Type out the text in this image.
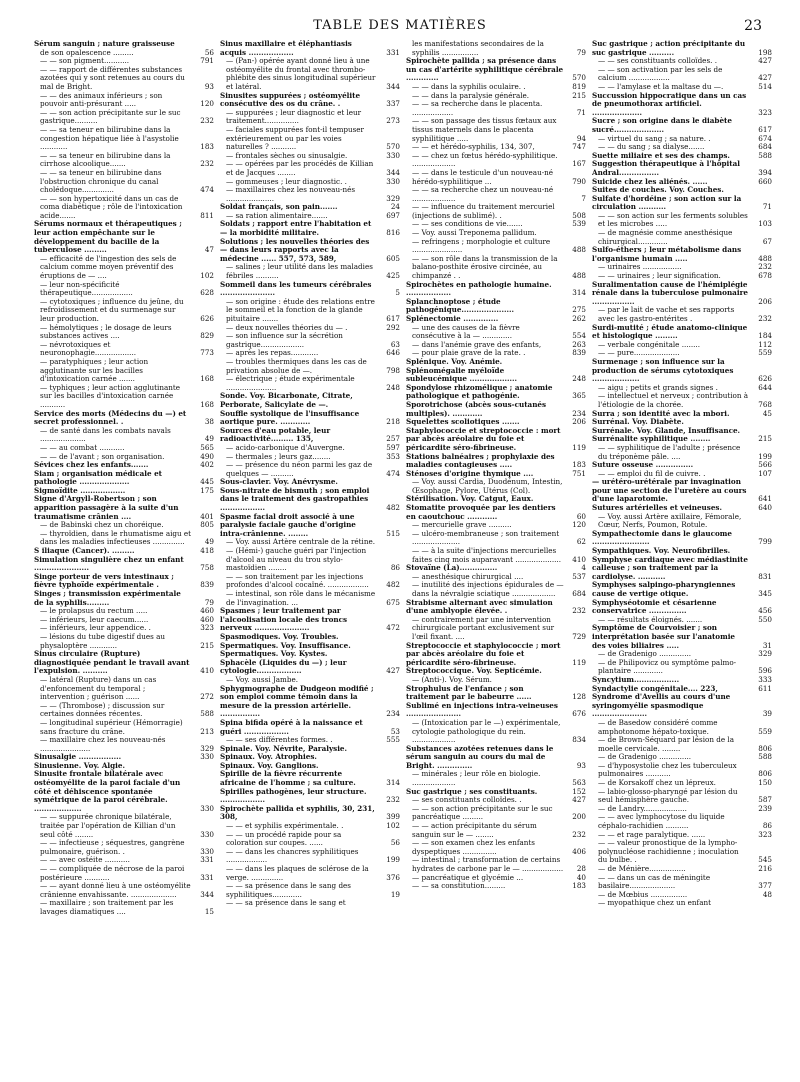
TABLE DES MATIÈRES	23
Sérum sanguin ; nature graisseuse
de son opalescence .........	56
— — son pigment...........	791
— — rapport de différentes substances azotées qui y sont retenues au cours du mal de Bright.	93
— — des animaux inférieurs ; son pouvoir anti-présurant .....	120
— — son action précipitante sur le suc gastrique..........	232
— — sa teneur en bilirubine dans la congestion hépatique liée à l'asystolie ............	183
— — sa teneur en bilirubine dans la cirrhose alcoolique.......	232
— — sa teneur en bilirubine dans l'obstruction chronique du canal cholédoque..............	474
— — son hypertoxicité dans un cas de coma diabétique ; rôle de l'intoxication acide.......	811
Sérums normaux et thérapeutiques ; leur action empêchante sur le développement du bacille de la tuberculose .........	47
— efficacité de l'ingestion des sels de calcium comme moyen préventif des éruptions de — ....	102
— leur non-spécificité thérapeutique..................	628
— cytotoxiques ; influence du jeûne, du refroidissement et du surmenage sur leur production.	626
— hémolytiques ; le dosage de leurs substances actives ....	829
— névrotoxiques et neuronophagie..................	773
— paratyphiques ; leur action agglutinante sur les bacilles d'intoxication carnée .......	168
— typhiques ; leur action agglutinante sur les bacilles d'intoxication carnée ...........	168
Service des morts (Médecins du —) et secret professionnel. .	38
— de santé dans les combats navals ....................	49
— — au combat ...........	565
— — de l'avant ; son organisation.	490
Sévices chez les enfants.......	402
Siam ; organisation médicale et pathologie ....................	445
Sigmoïdite ..................	175
Signe d'Argyll-Robertson ; son apparition passagère à la suite d'un traumatisme crânien ....	401
— de Babinski chez un choréique.	805
— thyroïdien, dans le rhumatisme aigu et dans les maladies infectieuses ..............	49
S iliaque (Cancer). .........	418
Simulation singulière chez un enfant ......................	758
Singe porteur de vers intestinaux ; fièvre typhoïde expérimentale .	839
Singes ; transmission expérimentale de la syphilis.........	79
— le prolapsus du rectum .....	460
— inférieurs, leur caecum......	460
— inférieurs, leur appendice. .	323
— lésions du tube digestif dues au physaloptère ............	215
Sinus circulaire (Rupture) diagnostiquée pendant le travail avant l'expulsion. ..........	410
— latéral (Rupture) dans un cas d'enfoncement du temporal ; intervention ; guérison ......	272
— — (Thrombose) ; discussion sur certaines données récentes.	588
— longitudinal supérieur (Hémorragie) sans fracture du crâne.	213
— maxillaire chez les nouveau-nés ......................	329
Sinusalgie .................	330
Sinusienne. Voy. Algie.
Sinusite frontale bilatérale avec ostéomyélite de la paroi faciale d'un côté et déhiscence spontanée symétrique de la paroi cérébrale. ...................	330
— — suppurée chronique bilatérale, traitée par l'opération de Killian d'un seul côté ........	330
— — infectieuse ; séquestres, gangrène pulmonaire, guérison. .	330
— — avec ostéite ...........	331
— — compliquée de nécrose de la paroi postérieure ...........	331
— — ayant donné lieu à une ostéomyélite crânienne envahissante. ....................	344
— maxillaire ; son traitement par les lavages diamatiques ....	15
Sinus maxillaire et éléphantiasis acquis ..................	331
— (Pan-) opérée ayant donné lieu à une ostéomyélite du frontal avec thrombo-phlébite des sinus longitudinal supérieur et latéral.	344
Sinusites suppurées ; ostéomyélite consécutive des os du crâne. .	337
— suppurées ; leur diagnostic et leur traitement...............	273
— faciales suppurées font-il tempuser extérieurement ou par les voies naturelles ? ...........	570
— frontales sèches ou sinusalgie.	330
— — opérées par les procédés de Killian et de Jacques ........	344
— gommeuses ; leur diagnostic. .	330
— maxillaires chez les nouveau-nés .....................	329
Soldat français, son pain.......	24
— sa ration alimentaire.......	697
Soldats ; rapport entre l'habitation et — la morbidité militaire.	816
Solutions ; les nouvelles théories des — dans leurs rapports avec la médecine ...... 557, 573, 589,	605
— salines ; leur utilité dans les maladies fébriles ..........	425
Sommeil dans les tumeurs cérébrales ......................	5
— son origine : étude des relations entre le sommeil et la fonction de la glande pituitaire .......	617
— deux nouvelles théories du — .	292
— son influence sur la sécrétion gastrique...................	63
— après les repas............	646
— troubles thermiques dans les cas de privation absolue de —.	798
— électrique ; étude expérimentale ......................	248
Sonde. Voy. Bicarbonate, Citrate, Perborate, Salicylate de —.
Souffle systolique de l'insuffisance aortique pure. ............	218
Sources d'eau potable, leur radioactivité......... 135,	257
— acido-carbonique d'Auvergne.	597
— thermales ; leurs gaz........	353
— — présence du néon parmi les gaz de quelques — ..........	474
Sous-clavier. Voy. Anévrysme.
Sous-nitrate de bismuth ; son emploi dans le traitement des gastropathies ..................	482
Spasme facial droit associé à une paralysie faciale gauche d'origine intra-crânienne. ........	515
— Voy. aussi Artère centrale de la rétine.
— (Hémi-) gauche guéri par l'injection d'alcool au niveau du trou stylo-mastoïdien ........	86
— — son traitement par les injections profondes d'alcool cocaïné. ..................	482
— intestinal, son rôle dans le mécanisme de l'invagination. ...	675
Spasmes ; leur traitement par l'alcoolisation locale des troncs nerveux ......................	472
Spasmodiques. Voy. Troubles.
Spermatiques. Voy. Insuffisance.
Spermatiques. Voy. Kystes.
Sphacèle (Liquides du —) ; leur cytologie..................	427
— Voy. aussi Jambe.
Sphygmographe de Dudgeon modifié ; son emploi comme témoin dans la mesure de la pression artérielle. ................	234
Spina bifida opéré à la naissance et guéri ..................	53
— — ses différentes formes. .	555
Spinale. Voy. Névrite, Paralysie.
Spinaux. Voy. Atrophies.
Spinaux. Voy. Ganglions.
Spirille de la fièvre récurrente africaine de l'homme ; sa culture.	314
Spirilles pathogènes, leur structure. ..................	232
Spirochète pallida et syphilis, 30, 231, 308,	399
— — et syphilis expérimentale. .	102
— — un procédé rapide pour sa coloration sur coupes. ......	56
— — dans les chancres syphilitiques ..................	199
— — dans les plaques de sclérose de la verge. ..............	376
— — sa présence dans le sang des syphilitiques.............	19
— — sa présence dans le sang et
les manifestations secondaires de la syphilis ................	79
Spirochète pallida ; sa présence dans un cas d'artérite syphilitique cérébrale .............	570
— — dans la syphilis oculaire. .	819
— — dans la paralysie générale.	215
— — sa recherche dans le placenta. ..................	71
— — son passage des tissus fœtaux aux tissus maternels dans le placenta syphilitique .....	94
— — et hérédo-syphilis, 134, 307,	747
— — chez un fœtus hérédo-syphilitique. ...................	167
— — dans le testicule d'un nouveau-né hérédo-syphilitique ...	790
— — sa recherche chez un nouveau-né ...................	7
— — influence du traitement mercuriel (injections de sublimé). .	508
— — ses conditions de vie.......	539
— Voy. aussi Treponema pallidum.
— refringens ; morphologie et culture ......................	488
— — son rôle dans la transmission de la balano-posthite érosive circinée, au chimpanzé . .	488
Spirochètes en pathologie humaine. ..................	314
Splanchnoptose ; étude pathogénique.....................	275
Splénectomie ..............	262
— une des causes de la fièvre consécutive à la — .............	554
— dans l'anémie grave des enfants,	263
— pour plaie grave de la rate. .	839
Splénique. Voy. Anémie.
Splénomégalie myéloïde subleucémique ...................	248
Spondylose rhizomélique ; anatomie pathologique et pathogénie.	365
Sporotrichose (abcès sous-cutanés multiples). ............	234
Squelettes scoliotiques .......	206
Staphylococcie et streptococcie : mort par abcès aréolaire du foie et péricardite séro-fibrineuse.	119
Stations balnéaires ; prophylaxie des maladies contagieuses .....	183
Sténoses d'origine thymique ....	751
— Voy. aussi Cardia, Duodénum, Intestin, Œsophage, Pylore, Utérus (Col).
Stérilisation. Voy. Catgut, Eaux.
Stomatite provoquée par les dentiers en caoutchouc ............	60
— mercurielle grave ..........	120
— ulcéro-membraneuse ; son traitement .....................	62
— — à la suite d'injections mercurielles faites cinq mois auparavant ....................	410
Stovaïne (La)...............	4
— anesthésique chirurgical ....	537
— inutilité des injections épidurales de — dans la névralgie sciatique ...................	684
Strabisme alternant avec simulation d'une amblyopie élevée. .	232
— contrairement par une intervention chirurgicale portant exclusivement sur l'œil fixant. ....	729
Streptococcie et staphylococcie ; mort par abcès aréolaire du foie et péricardite séro-fibrineuse.	119
Streptococcique. Voy. Septicémie.
— (Anti-). Voy. Sérum.
Strophulus de l'enfance ; son traitement par le babeurre ......	128
Sublimé en injections intra-veineuses ......................	676
— (Intoxication par le —) expérimentale, cytologie pathologique du rein. ...................	834
Substances azotées retenues dans le sérum sanguin au cours du mal de Bright. ..............	93
— minérales ; leur rôle en biologie. ...................	563
Suc gastrique ; ses constituants.	152
— ses constituants colloïdes. .	427
— — son action précipitante sur le suc pancréatique .........	200
— — action précipitante du sérum sanguin sur le — ........	232
— — son examen chez les enfants dyspeptiques ...............	406
— intestinal ; transformation de certains hydrates de carbone par le — ..................	28
— pancréatique et glycémie ...	40
— — sa constitution.........	183
Suc gastrique ; action précipitante du suc gastrique ..........	198
— — ses constituants colloïdes. .	427
— — son activation par les sels de calcium ..................	427
— — l'amylase et la maltase du —.	514
Succussion hippocratique dans un cas de pneumothorax artificiel. ....................	323
Sucre ; son origine dans le diabète sucré....................	617
— virtuel du sang ; sa nature. .	674
— — du sang ; sa dialyse.......	684
Suette miliaire et ses des champs.	588
Suggestion thérapeutique à l'hôpital Andral................	394
Suicide chez les aliénés. ......	660
Suites de couches. Voy. Couches.
Sulfate d'hordéine ; son action sur la circulation ...........	71
— — son action sur les ferments solubles et les microbes .....	103
— de magnésie comme anesthésique chirurgical.............	67
Sulfo-éthers ; leur métabolisme dans l'organisme humain .....	488
— urinaires .................	232
— — urinaires ; leur signification.	678
Suralimentation cause de l'hémiplégie rénale dans la tuberculose pulmonaire .................	206
— par le lait de vache et ses rapports avec les gastro-entérites .	232
Surdi-mutité ; étude anatomo-clinique et histologique .........	184
— verbale congénitale ........	112
— — pure....................	559
Surmenage ; son influence sur la production de sérums cytotoxiques ...................	626
— aigu ; petits et grands signes .	644
— intellectuel et nerveux ; contribution à l'étiologie de la chorée.	768
Surra ; son identité avec la mbori.	45
Surrénal. Voy. Diabète.
Surrénale. Voy. Glande, Insuffisance.
Surrénalite syphilitique ........	215
— — syphilitique de l'adulte ; présence du tréponème pâle. ....	199
Suture osseuse ...............	566
— — emploi du fil de cuivre. .	107
— urétéro-urétérale par invagination pour une section de l'uretère au cours d'une laparotomie.	641
Sutures artérielles et veineuses.	640
— Voy. aussi Artère axillaire, Fémorale, Cœur, Nerfs, Poumon, Rotule.
Sympathectomie dans le glaucome .......................	799
Sympathiques. Voy. Neurofibrilles.
Symphyse cardiaque avec médiastinite calleuse ; son traitement par la cardiolyse. ...........	831
Symphyses salpingo-pharyngiennes cause de vertige otique.	345
Symphyséotomie et césarienne conservatrice ...............	456
— — résultats éloignés. .......	550
Symptôme de Courvoisier ; son interprétation basée sur l'anatomie des voies biliaires .....	31
— de Gradenigo ..............	329
— de Philipovicz ou symptôme palmo-plantaire .............	596
Syncytium..................	333
Syndactylie congénitale.... 223,	611
Syndrome d'Avellis au cours d'une syringomyélie spasmodique ......................	39
— de Basedow considéré comme amphotonome hépato-toxique.	559
— de Brown-Séquard par lésion de la moelle cervicale. ........	806
— de Gradenigo ..............	588
— d'hyposystolie chez les tuberculeux pulmonaires ...........	806
— de Korsakoff chez un lépreux.	150
— labio-glosso-pharyngé par lésion du seul hémisphère gauche.	587
— de Landry...................	239
— — avec lymphocytose du liquide céphalo-rachidien ..........	86
— — et rage paralytique. ......	323
— — valeur pronostique de la lympho-polynucléose rachidienne ; inoculation du bulbe. .	545
— de Ménière................	216
— — dans un cas de méningite basilaire....................	377
— de Mœbius ................	48
— myopathique chez un enfant
